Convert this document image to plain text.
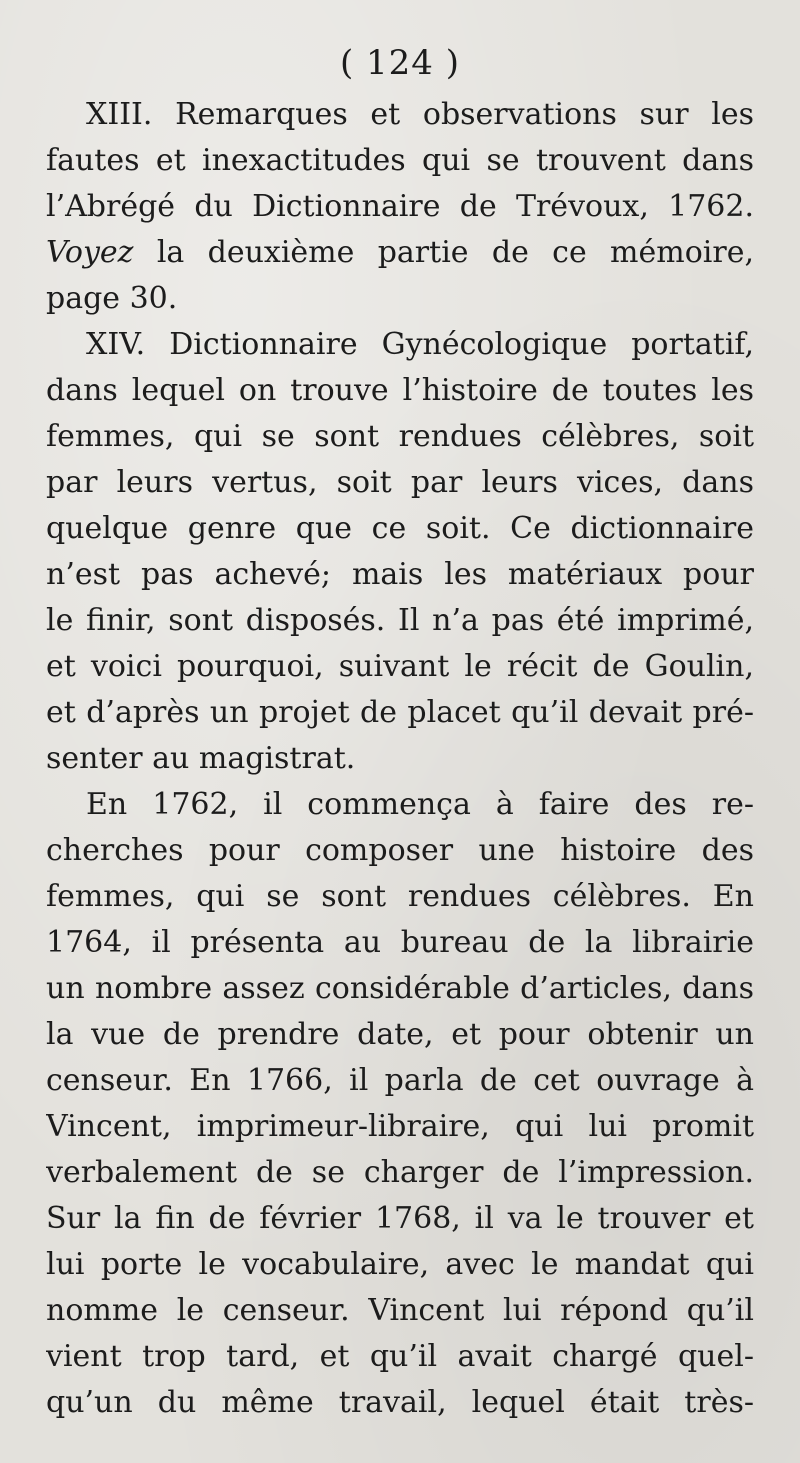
( 124 )
XIII. Remarques et observations sur les
fautes et inexactitudes qui se trouvent dans
l’Abrégé du Dictionnaire de Trévoux, 1762.
Voyez la deuxième partie de ce mémoire,
page 30.
XIV. Dictionnaire Gynécologique portatif,
dans lequel on trouve l’histoire de toutes les
femmes, qui se sont rendues célèbres, soit
par leurs vertus, soit par leurs vices, dans
quelque genre que ce soit. Ce dictionnaire
n’est pas achevé; mais les matériaux pour
le finir, sont disposés. Il n’a pas été imprimé,
et voici pourquoi, suivant le récit de Goulin,
et d’après un projet de placet qu’il devait pré-
senter au magistrat.
En 1762, il commença à faire des re-
cherches pour composer une histoire des
femmes, qui se sont rendues célèbres. En
1764, il présenta au bureau de la librairie
un nombre assez considérable d’articles, dans
la vue de prendre date, et pour obtenir un
censeur. En 1766, il parla de cet ouvrage à
Vincent, imprimeur-libraire, qui lui promit
verbalement de se charger de l’impression.
Sur la fin de février 1768, il va le trouver et
lui porte le vocabulaire, avec le mandat qui
nomme le censeur. Vincent lui répond qu’il
vient trop tard, et qu’il avait chargé quel-
qu’un du même travail, lequel était très-
